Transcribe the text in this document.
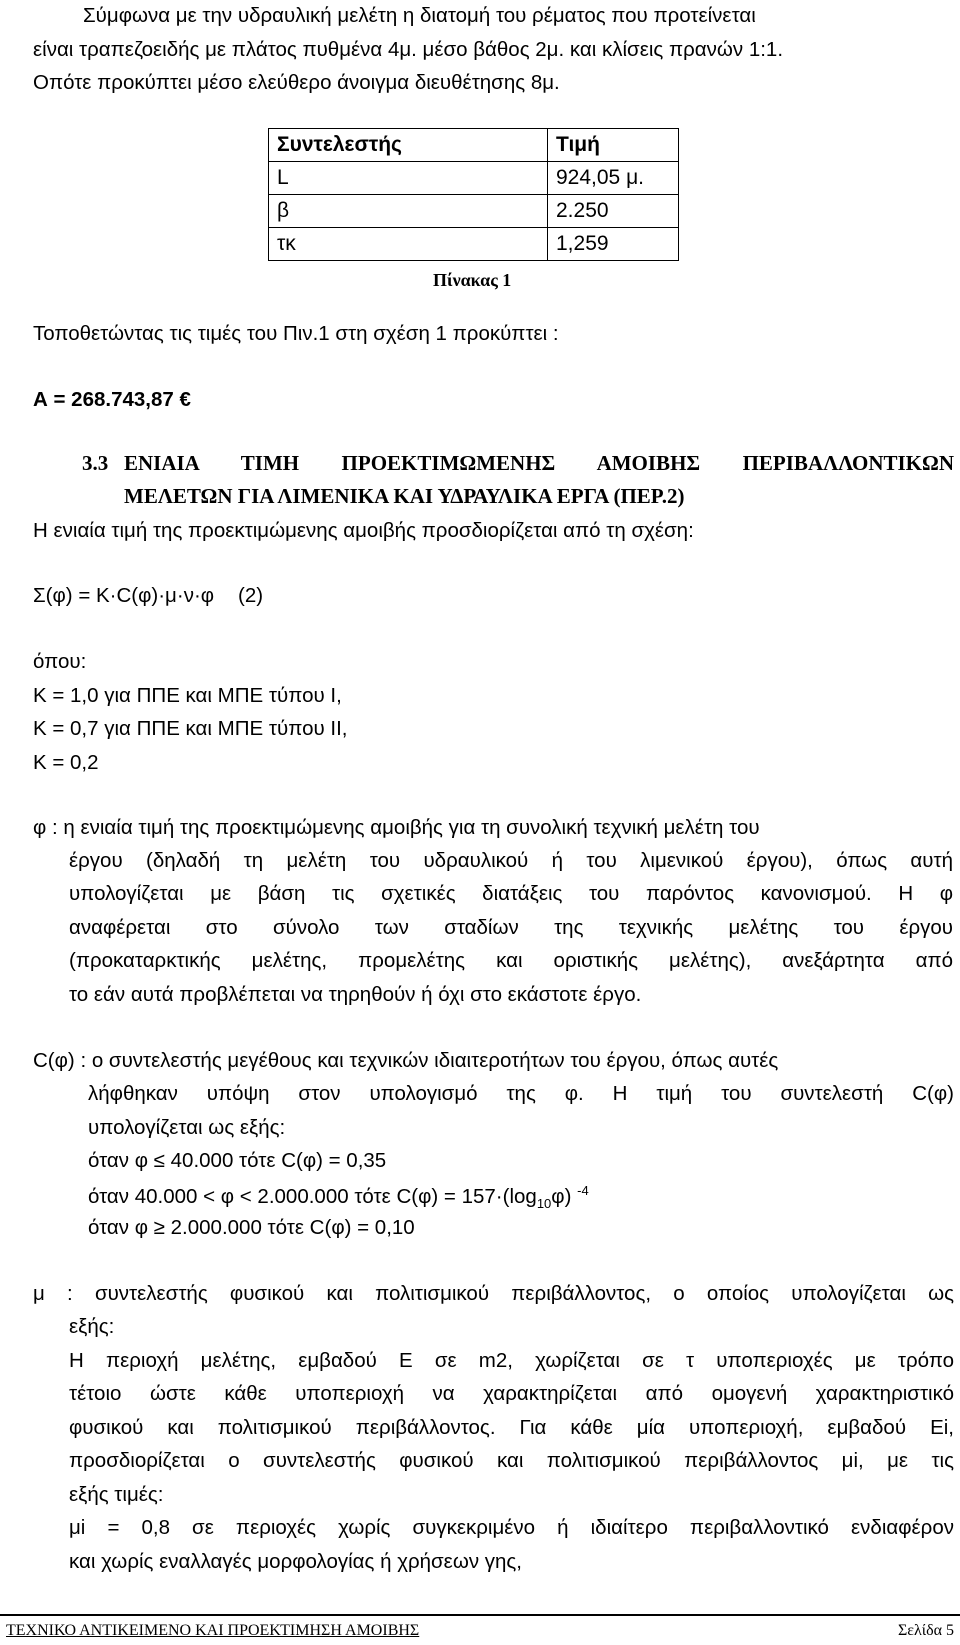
Σύμφωνα με την υδραυλική μελέτη η διατομή του ρέματος που προτείνεται
είναι τραπεζοειδής με πλάτος πυθμένα 4μ. μέσο βάθος 2μ. και κλίσεις πρανών 1:1.
Οπότε προκύπτει μέσο ελεύθερο άνοιγμα διευθέτησης 8μ.
Συντελεστής	Τιμή
L	924,05 μ.
β	2.250
τκ	1,259
Πίνακας 1
Τοποθετώντας τις τιμές του Πιν.1 στη σχέση 1 προκύπτει :
Α = 268.743,87 €
3.3 ΕΝΙΑΙΑ ΤΙΜΗ ΠΡΟΕΚΤΙΜΩΜΕΝΗΣ ΑΜΟΙΒΗΣ ΠΕΡΙΒΑΛΛΟΝΤΙΚΩΝ
ΜΕΛΕΤΩΝ ΓΙΑ ΛΙΜΕΝΙΚΑ ΚΑΙ ΥΔΡΑΥΛΙΚΑ ΕΡΓΑ (ΠΕΡ.2)
Η ενιαία τιμή της προεκτιμώμενης αμοιβής προσδιορίζεται από τη σχέση:
Σ(φ) = K·C(φ)·μ·ν·φ (2)
όπου:
Κ = 1,0 για ΠΠΕ και ΜΠΕ τύπου Ι,
Κ = 0,7 για ΠΠΕ και ΜΠΕ τύπου ΙΙ,
Κ = 0,2
φ : η ενιαία τιμή της προεκτιμώμενης αμοιβής για τη συνολική τεχνική μελέτη του
έργου (δηλαδή τη μελέτη του υδραυλικού ή του λιμενικού έργου), όπως αυτή
υπολογίζεται με βάση τις σχετικές διατάξεις του παρόντος κανονισμού. Η φ
αναφέρεται στο σύνολο των σταδίων της τεχνικής μελέτης του έργου
(προκαταρκτικής μελέτης, προμελέτης και οριστικής μελέτης), ανεξάρτητα από
το εάν αυτά προβλέπεται να τηρηθούν ή όχι στο εκάστοτε έργο.
C(φ) : ο συντελεστής μεγέθους και τεχνικών ιδιαιτεροτήτων του έργου, όπως αυτές
λήφθηκαν υπόψη στον υπολογισμό της φ. Η τιμή του συντελεστή C(φ)
υπολογίζεται ως εξής:
όταν φ ≤ 40.000 τότε C(φ) = 0,35
όταν 40.000 < φ < 2.000.000 τότε $C(\varphi) = 157\cdot(\log_{10}\varphi)$ $^{-4}$
όταν φ ≥ 2.000.000 τότε C(φ) = 0,10
μ : συντελεστής φυσικού και πολιτισμικού περιβάλλοντος, ο οποίος υπολογίζεται ως
εξής:
Η περιοχή μελέτης, εμβαδού Ε σε m2, χωρίζεται σε τ υποπεριοχές με τρόπο
τέτοιο ώστε κάθε υποπεριοχή να χαρακτηρίζεται από ομογενή χαρακτηριστικό
φυσικού και πολιτισμικού περιβάλλοντος. Για κάθε μία υποπεριοχή, εμβαδού Ei,
προσδιορίζεται ο συντελεστής φυσικού και πολιτισμικού περιβάλλοντος μi, με τις
εξής τιμές:
μi = 0,8 σε περιοχές χωρίς συγκεκριμένο ή ιδιαίτερο περιβαλλοντικό ενδιαφέρον
και χωρίς εναλλαγές μορφολογίας ή χρήσεων γης,
ΤΕΧΝΙΚΟ ΑΝΤΙΚΕΙΜΕΝΟ ΚΑΙ ΠΡΟΕΚΤΙΜΗΣΗ ΑΜΟΙΒΗΣ	Σελίδα 5
